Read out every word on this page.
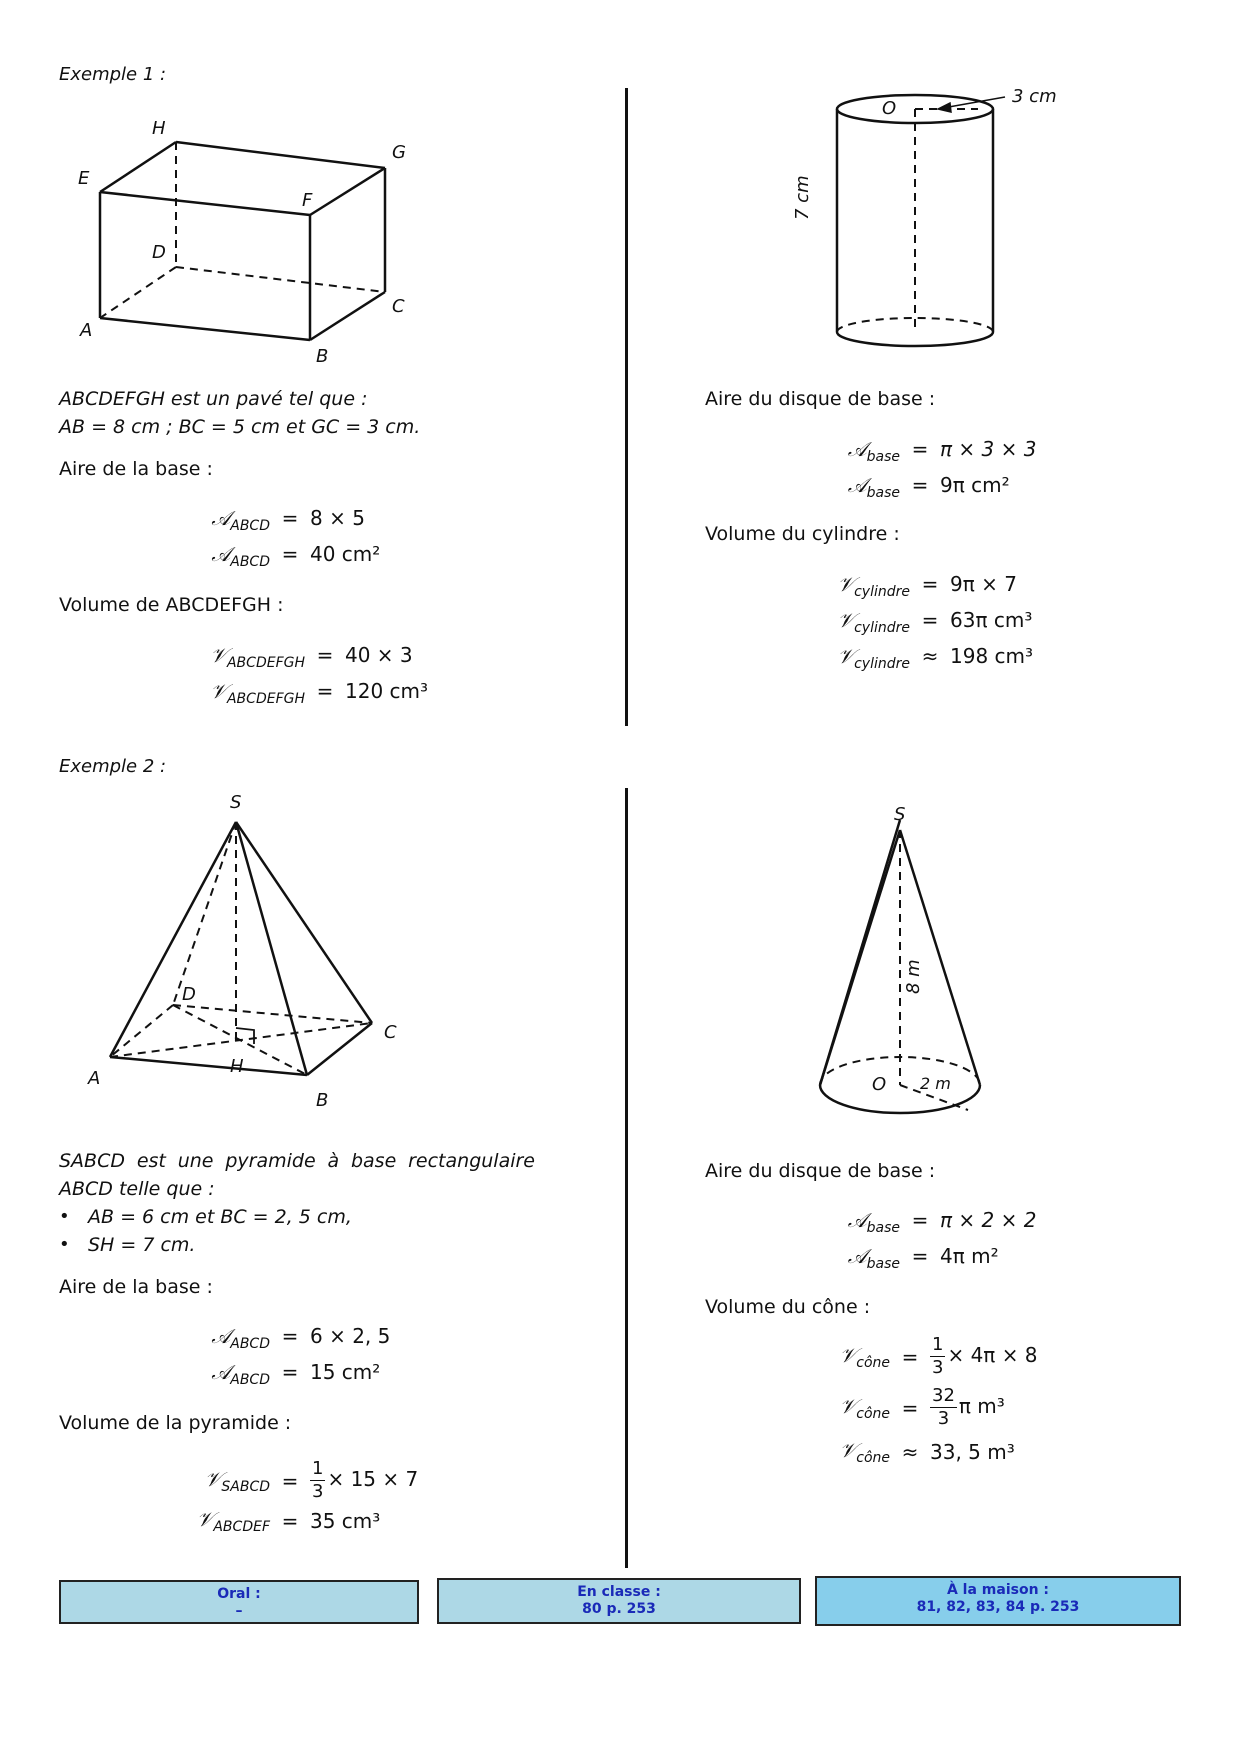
Exemple 1 :
H
G
E
F
D
C
A
B
ABCDEFGH est un pavé tel que :
AB = 8 cm ; BC = 5 cm et GC = 3 cm.
Aire de la base :
𝒜$_{ABCD}$ = 8 × 5
𝒜$_{ABCD}$ = 40 cm²
Volume de ABCDEFGH :
𝒱$_{ABCDEFGH}$ = 40 × 3
𝒱$_{ABCDEFGH}$ = 120 cm³
O
3 cm
7 cm
Aire du disque de base :
𝒜$_{base}$ = π × 3 × 3
𝒜$_{base}$ = 9π cm²
Volume du cylindre :
𝒱$_{cylindre}$ = 9π × 7
𝒱$_{cylindre}$ = 63π cm³
𝒱$_{cylindre}$ ≈ 198 cm³
Exemple 2 :
S
D
C
A
H
B
SABCD est une pyramide à base rectangulaire
ABCD telle que :
• AB = 6 cm et BC = 2, 5 cm,
• SH = 7 cm.
Aire de la base :
𝒜$_{ABCD}$ = 6 × 2, 5
𝒜$_{ABCD}$ = 15 cm²
Volume de la pyramide :
𝒱$_{SABCD}$ = $\frac{1}{3} \times 15 \times 7$
𝒱$_{ABCDEF}$ = 35 cm³
S
O 2 m
8 m
Aire du disque de base :
𝒜$_{base}$ = π × 2 × 2
𝒜$_{base}$ = 4π m²
Volume du cône :
𝒱$_{cône}$ = $\frac{1}{3} \times 4\pi \times 8$
𝒱$_{cône}$ = $\frac{32}{3}$ π m³
𝒱$_{cône}$ ≈ 33, 5 m³
Oral :
–
En classe :
80 p. 253
À la maison :
81, 82, 83, 84 p. 253
